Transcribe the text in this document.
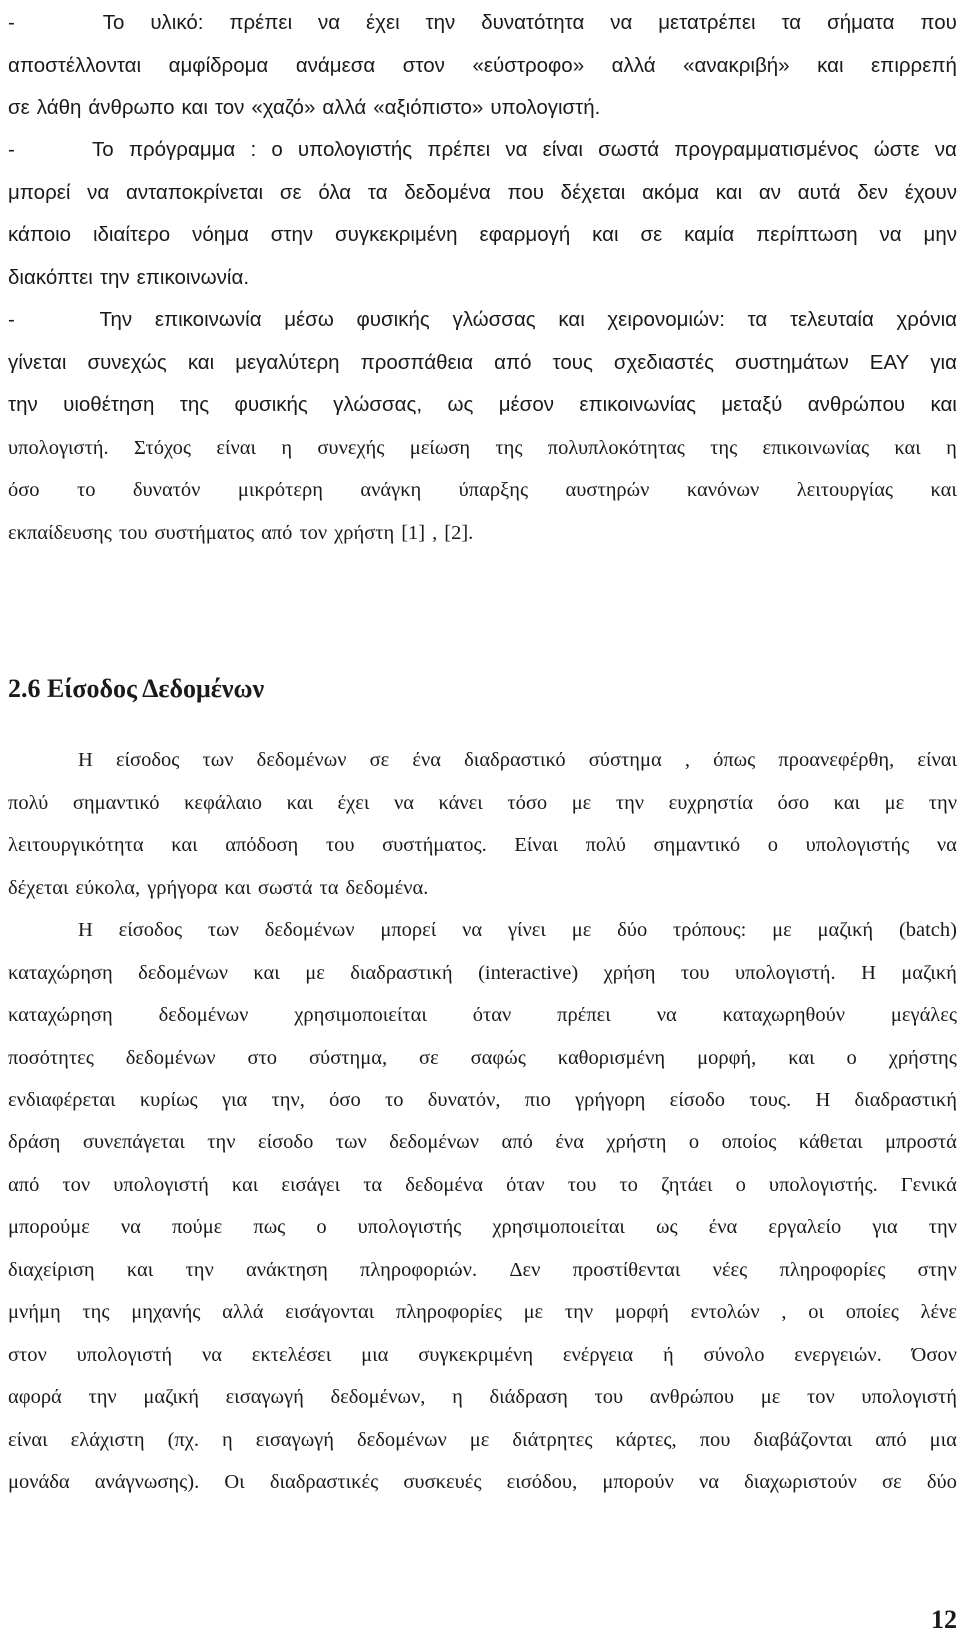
-	Το υλικό: πρέπει να έχει την δυνατότητα να μετατρέπει τα σήματα που
αποστέλλονται αμφίδρομα ανάμεσα στον «εύστροφο» αλλά «ανακριβή» και επιρρεπή
σε λάθη άνθρωπο και τον «χαζό» αλλά «αξιόπιστο» υπολογιστή.
-	Το πρόγραμμα : ο υπολογιστής πρέπει να είναι σωστά προγραμματισμένος ώστε να
μπορεί να ανταποκρίνεται σε όλα τα δεδομένα που δέχεται ακόμα και αν αυτά δεν έχουν
κάποιο ιδιαίτερο νόημα στην συγκεκριμένη εφαρμογή και σε καμία περίπτωση να μην
διακόπτει την επικοινωνία.
-	Την επικοινωνία μέσω φυσικής γλώσσας και χειρονομιών: τα τελευταία χρόνια
γίνεται συνεχώς και μεγαλύτερη προσπάθεια από τους σχεδιαστές συστημάτων ΕΑΥ για
την υιοθέτηση της φυσικής γλώσσας, ως μέσον επικοινωνίας μεταξύ ανθρώπου και
υπολογιστή. Στόχος είναι η συνεχής μείωση της πολυπλοκότητας της επικοινωνίας και η
όσο το δυνατόν μικρότερη ανάγκη ύπαρξης αυστηρών κανόνων λειτουργίας και
εκπαίδευσης του συστήματος από τον χρήστη [1] , [2].
2.6 Είσοδος Δεδομένων
Η είσοδος των δεδομένων σε ένα διαδραστικό σύστημα , όπως προανεφέρθη, είναι
πολύ σημαντικό κεφάλαιο και έχει να κάνει τόσο με την ευχρηστία όσο και με την
λειτουργικότητα και απόδοση του συστήματος. Είναι πολύ σημαντικό ο υπολογιστής να
δέχεται εύκολα, γρήγορα και σωστά τα δεδομένα.
Η είσοδος των δεδομένων μπορεί να γίνει με δύο τρόπους: με μαζική (batch)
καταχώρηση δεδομένων και με διαδραστική (interactive) χρήση του υπολογιστή. Η μαζική
καταχώρηση δεδομένων χρησιμοποιείται όταν πρέπει να καταχωρηθούν μεγάλες
ποσότητες δεδομένων στο σύστημα, σε σαφώς καθορισμένη μορφή, και ο χρήστης
ενδιαφέρεται κυρίως για την, όσο το δυνατόν, πιο γρήγορη είσοδο τους. Η διαδραστική
δράση συνεπάγεται την είσοδο των δεδομένων από ένα χρήστη ο οποίος κάθεται μπροστά
από τον υπολογιστή και εισάγει τα δεδομένα όταν του το ζητάει ο υπολογιστής. Γενικά
μπορούμε να πούμε πως ο υπολογιστής χρησιμοποιείται ως ένα εργαλείο για την
διαχείριση και την ανάκτηση πληροφοριών. Δεν προστίθενται νέες πληροφορίες στην
μνήμη της μηχανής αλλά εισάγονται πληροφορίες με την μορφή εντολών , οι οποίες λένε
στον υπολογιστή να εκτελέσει μια συγκεκριμένη ενέργεια ή σύνολο ενεργειών. Όσον
αφορά την μαζική εισαγωγή δεδομένων, η διάδραση του ανθρώπου με τον υπολογιστή
είναι ελάχιστη (πχ. η εισαγωγή δεδομένων με διάτρητες κάρτες, που διαβάζονται από μια
μονάδα ανάγνωσης). Οι διαδραστικές συσκευές εισόδου, μπορούν να διαχωριστούν σε δύο
12
